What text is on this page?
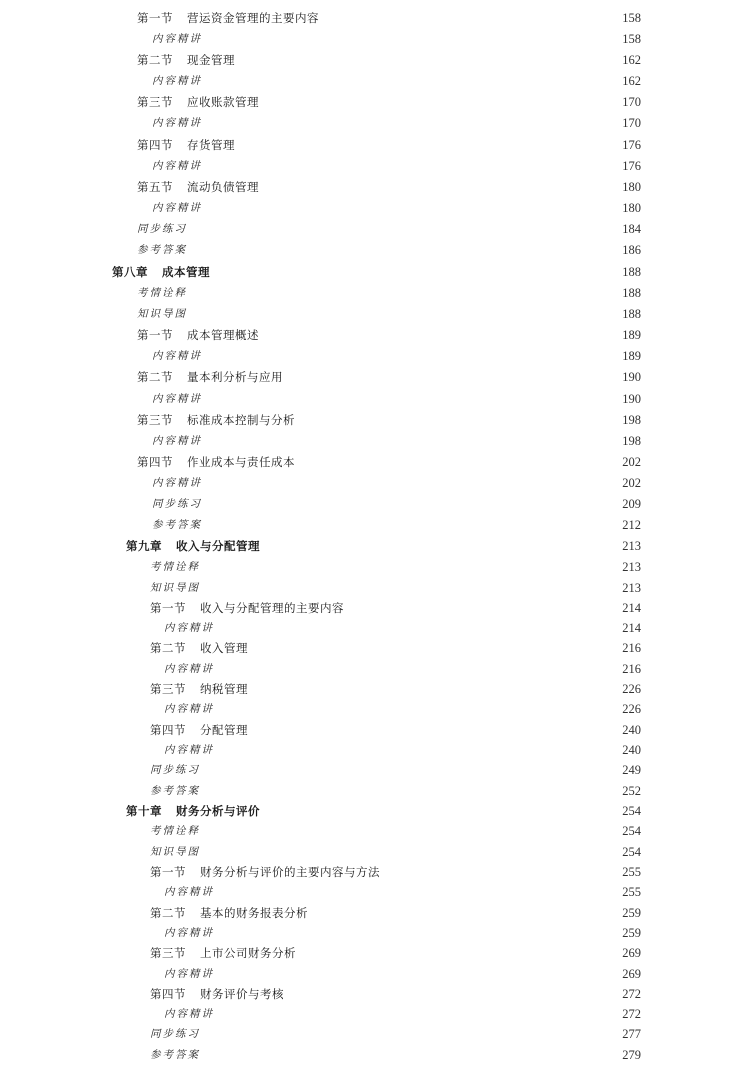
第一节 营运资金管理的主要内容	158
内容精讲	158
第二节 现金管理	162
内容精讲	162
第三节 应收账款管理	170
内容精讲	170
第四节 存货管理	176
内容精讲	176
第五节 流动负债管理	180
内容精讲	180
同步练习	184
参考答案	186
第八章 成本管理	188
考情诠释	188
知识导图	188
第一节 成本管理概述	189
内容精讲	189
第二节 量本利分析与应用	190
内容精讲	190
第三节 标准成本控制与分析	198
内容精讲	198
第四节 作业成本与责任成本	202
内容精讲	202
同步练习	209
参考答案	212
第九章 收入与分配管理	213
考情诠释	213
知识导图	213
第一节 收入与分配管理的主要内容	214
内容精讲	214
第二节 收入管理	216
内容精讲	216
第三节 纳税管理	226
内容精讲	226
第四节 分配管理	240
内容精讲	240
同步练习	249
参考答案	252
第十章 财务分析与评价	254
考情诠释	254
知识导图	254
第一节 财务分析与评价的主要内容与方法	255
内容精讲	255
第二节 基本的财务报表分析	259
内容精讲	259
第三节 上市公司财务分析	269
内容精讲	269
第四节 财务评价与考核	272
内容精讲	272
同步练习	277
参考答案	279
